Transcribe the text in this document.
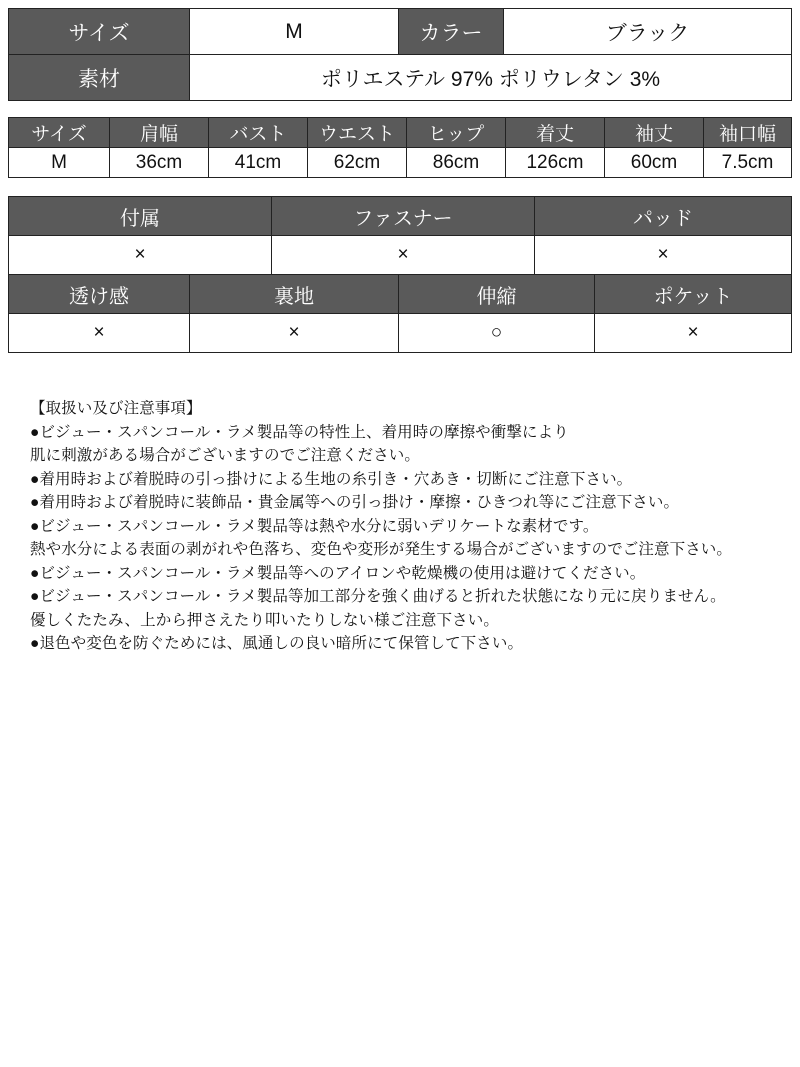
サイズ	M	カラー	ブラック
素材	ポリエステル 97% ポリウレタン 3%		
サイズ	肩幅	バスト	ウエスト	ヒップ	着丈	袖丈	袖口幅
M	36cm	41cm	62cm	86cm	126cm	60cm	7.5cm
付属	ファスナー	パッド
×	×	×
透け感	裏地	伸縮	ポケット
×	×	○	×
【取扱い及び注意事項】
●ビジュー・スパンコール・ラメ製品等の特性上、着用時の摩擦や衝撃により
肌に刺激がある場合がございますのでご注意ください。
●着用時および着脱時の引っ掛けによる生地の糸引き・穴あき・切断にご注意下さい。
●着用時および着脱時に装飾品・貴金属等への引っ掛け・摩擦・ひきつれ等にご注意下さい。
●ビジュー・スパンコール・ラメ製品等は熱や水分に弱いデリケートな素材です。
熱や水分による表面の剥がれや色落ち、変色や変形が発生する場合がございますのでご注意下さい。
●ビジュー・スパンコール・ラメ製品等へのアイロンや乾燥機の使用は避けてください。
●ビジュー・スパンコール・ラメ製品等加工部分を強く曲げると折れた状態になり元に戻りません。
優しくたたみ、上から押さえたり叩いたりしない様ご注意下さい。
●退色や変色を防ぐためには、風通しの良い暗所にて保管して下さい。
